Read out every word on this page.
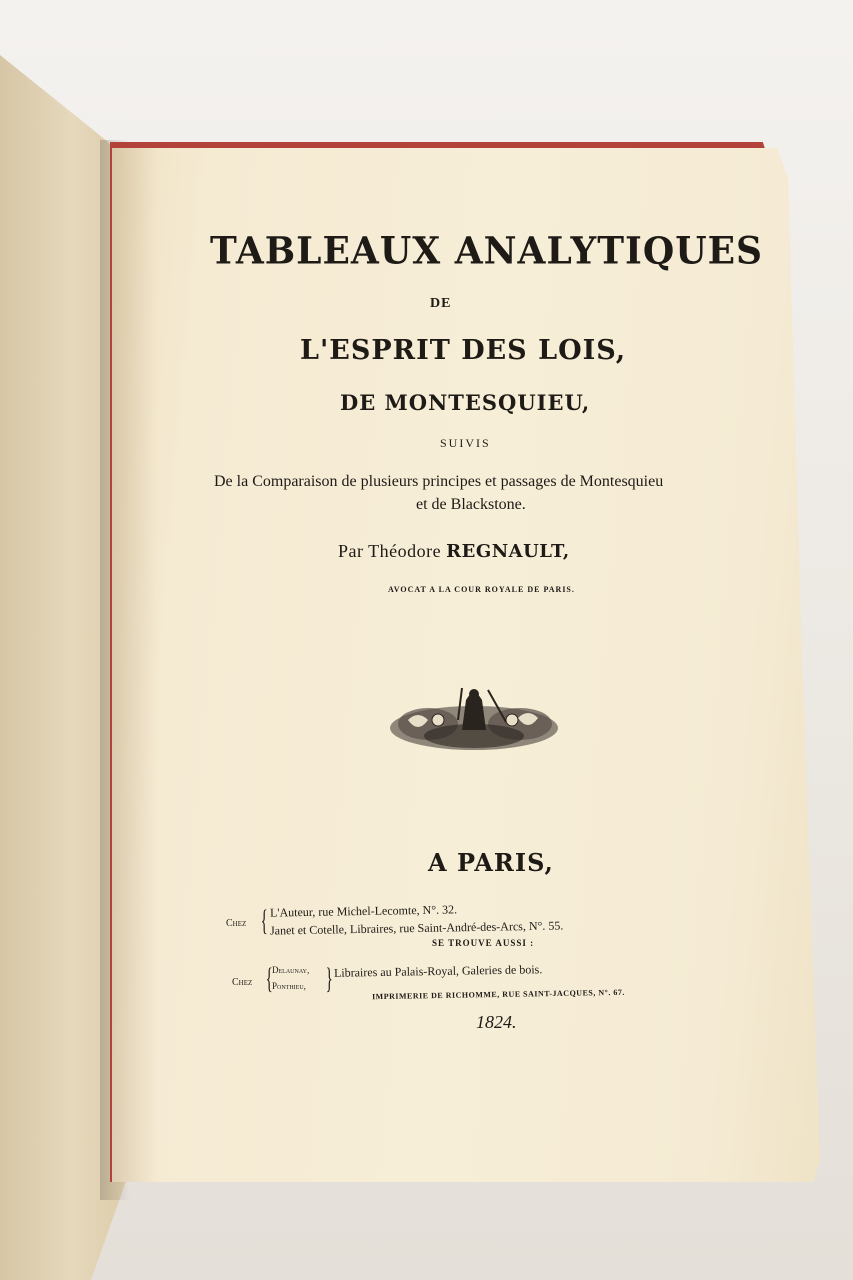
TABLEAUX ANALYTIQUES
DE
L'ESPRIT DES LOIS,
DE MONTESQUIEU,
SUIVIS
De la Comparaison de plusieurs principes et passages de Montesquieu
et de Blackstone.
Par Théodore REGNAULT,
AVOCAT A LA COUR ROYALE DE PARIS.
A PARIS,
Chez { L'Auteur, rue Michel-Lecomte, N°. 32.
Janet et Cotelle, Libraires, rue Saint-André-des-Arcs, N°. 55.
SE TROUVE AUSSI :
Chez { Delaunay,
Ponthieu, } Libraires au Palais-Royal, Galeries de bois.
IMPRIMERIE DE RICHOMME, RUE SAINT-JACQUES, N°. 67.
1824.
